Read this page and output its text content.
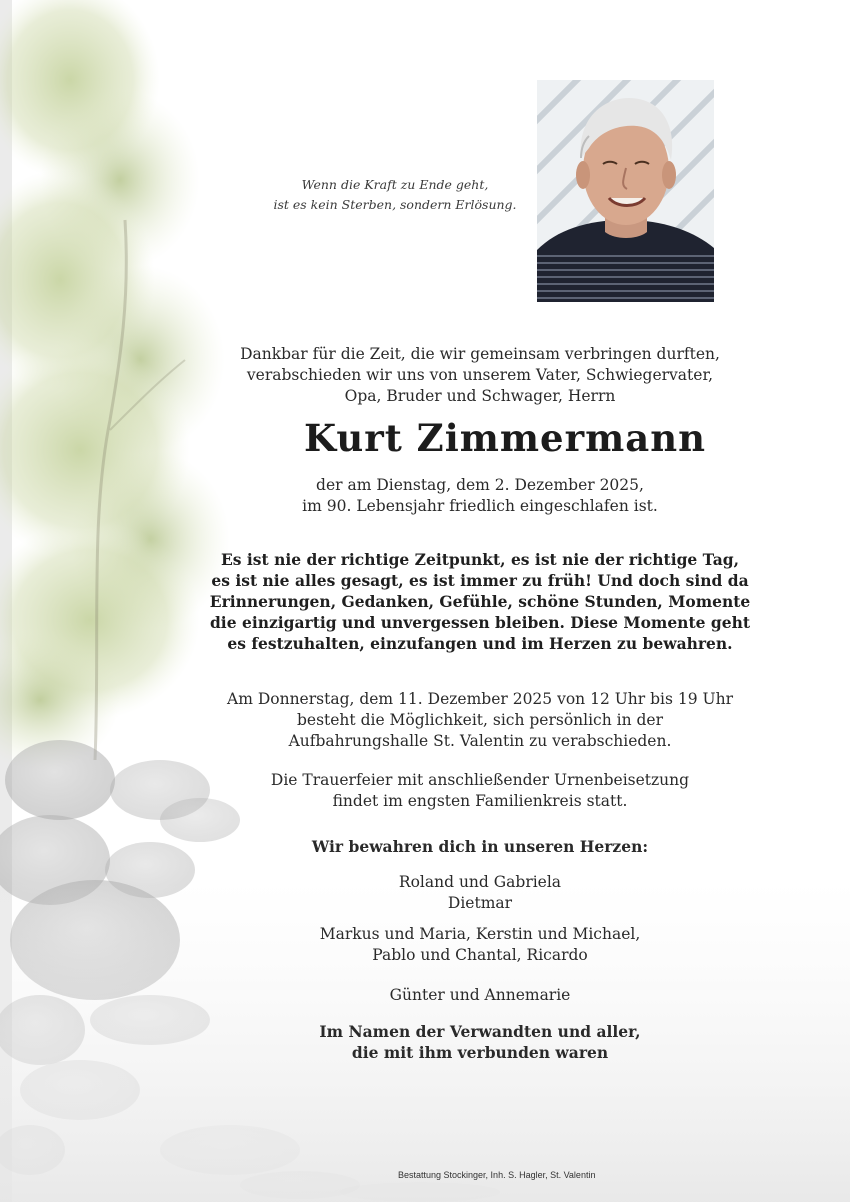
Wenn die Kraft zu Ende geht,
ist es kein Sterben, sondern Erlösung.
Dankbar für die Zeit, die wir gemeinsam verbringen durften,
verabschieden wir uns von unserem Vater, Schwiegervater,
Opa, Bruder und Schwager, Herrn
Kurt Zimmermann
der am Dienstag, dem 2. Dezember 2025,
im 90. Lebensjahr friedlich eingeschlafen ist.
Es ist nie der richtige Zeitpunkt, es ist nie der richtige Tag,
es ist nie alles gesagt, es ist immer zu früh! Und doch sind da
Erinnerungen, Gedanken, Gefühle, schöne Stunden, Momente
die einzigartig und unvergessen bleiben. Diese Momente geht
es festzuhalten, einzufangen und im Herzen zu bewahren.
Am Donnerstag, dem 11. Dezember 2025 von 12 Uhr bis 19 Uhr
besteht die Möglichkeit, sich persönlich in der
Aufbahrungshalle St. Valentin zu verabschieden.
Die Trauerfeier mit anschließender Urnenbeisetzung
findet im engsten Familienkreis statt.
Wir bewahren dich in unseren Herzen:
Roland und Gabriela
Dietmar
Markus und Maria, Kerstin und Michael,
Pablo und Chantal, Ricardo
Günter und Annemarie
Im Namen der Verwandten und aller,
die mit ihm verbunden waren
Bestattung Stockinger, Inh. S. Hagler, St. Valentin
